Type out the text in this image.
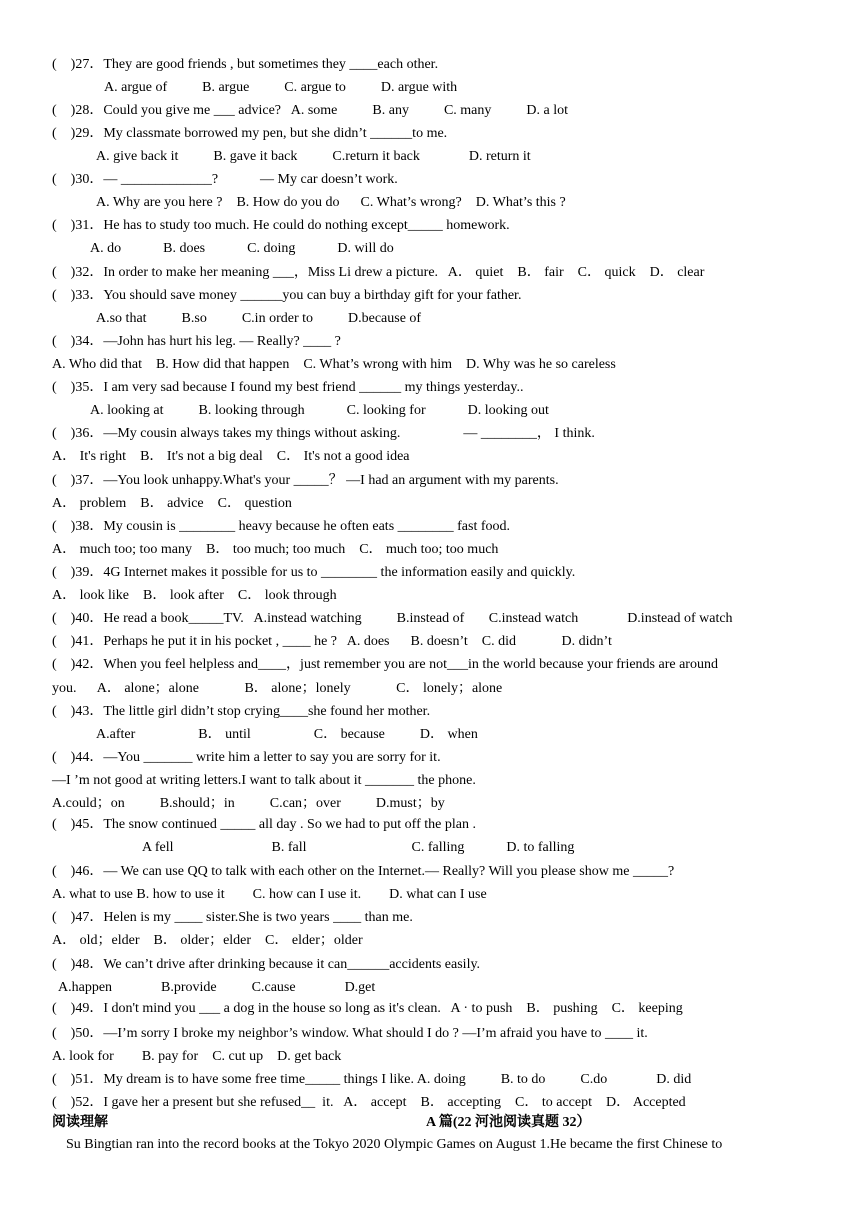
(    )27．They are good friends , but sometimes they ____each other.
A. argue of          B. argue          C. argue to          D. argue with
(    )28．Could you give me ___ advice?   A. some          B. any          C. many          D. a lot
(    )29．My classmate borrowed my pen, but she didn’t ______to me.
A. give back it          B. gave it back          C.return it back              D. return it
(    )30．— _____________?            — My car doesn’t work.
A. Why are you here ?    B. How do you do      C. What’s wrong?    D. What’s this ?
(    )31．He has to study too much. He could do nothing except_____ homework.
A. do            B. does            C. doing            D. will do
(    )32．In order to make her meaning ___，Miss Li drew a picture.   A． quiet    B． fair    C． quick    D． clear
(    )33．You should save money ______you can buy a birthday gift for your father.
A.so that          B.so          C.in order to          D.because of
(    )34．—John has hurt his leg. — Really? ____ ?
A. Who did that    B. How did that happen    C. What’s wrong with him    D. Why was he so careless
(    )35．I am very sad because I found my best friend ______ my things yesterday..
A. looking at          B. looking through            C. looking for            D. looking out
(    )36．—My cousin always takes my things without asking.                  — ________， I think.
A． It's right    B． It's not a big deal    C． It's not a good idea
(    )37．—You look unhappy.What's your _____？ —I had an argument with my parents.
A． problem    B． advice    C． question
(    )38．My cousin is ________ heavy because he often eats ________ fast food.
A． much too; too many    B． too much; too much    C． much too; too much
(    )39．4G Internet makes it possible for us to ________ the information easily and quickly.
A． look like    B． look after    C． look through
(    )40．He read a book_____TV.   A.instead watching          B.instead of       C.instead watch              D.instead of watch
(    )41．Perhaps he put it in his pocket , ____ he ?   A. does      B. doesn’t    C. did             D. didn’t
(    )42．When you feel helpless and____，just remember you are not___in the world because your friends are around
you.      A． alone；alone             B． alone；lonely             C． lonely；alone
(    )43．The little girl didn’t stop crying____she found her mother.
A.after                  B． until                  C． because          D． when
(    )44．—You _______ write him a letter to say you are sorry for it.
—I ’m not good at writing letters.I want to talk about it _______ the phone.
A.could；on          B.should；in          C.can；over          D.must；by
(    )45．The snow continued _____ all day . So we had to put off the plan .
A fell                            B. fall                              C. falling            D. to falling
(    )46．— We can use QQ to talk with each other on the Internet.— Really? Will you please show me _____?
A. what to use B. how to use it        C. how can I use it.        D. what can I use
(    )47．Helen is my ____ sister.She is two years ____ than me.
A． old；elder    B． older；elder    C． elder；older
(    )48．We can’t drive after drinking because it can______accidents easily.
A.happen              B.provide          C.cause              D.get
(    )49．I don't mind you ___ a dog in the house so long as it's clean.   A · to push    B． pushing    C． keeping
(    )50．—I’m sorry I broke my neighbor’s window. What should I do ? —I’m afraid you have to ____ it.
A. look for        B. pay for    C. cut up    D. get back
(    )51．My dream is to have some free time_____ things I like. A. doing          B. to do          C.do              D. did
(    )52．I gave her a present but she refused__  it.   A． accept    B． accepting    C． to accept    D． Accepted
阅读理解	A 篇(22 河池阅读真题 32）
Su Bingtian ran into the record books at the Tokyo 2020 Olympic Games on August 1.He became the first Chinese to
